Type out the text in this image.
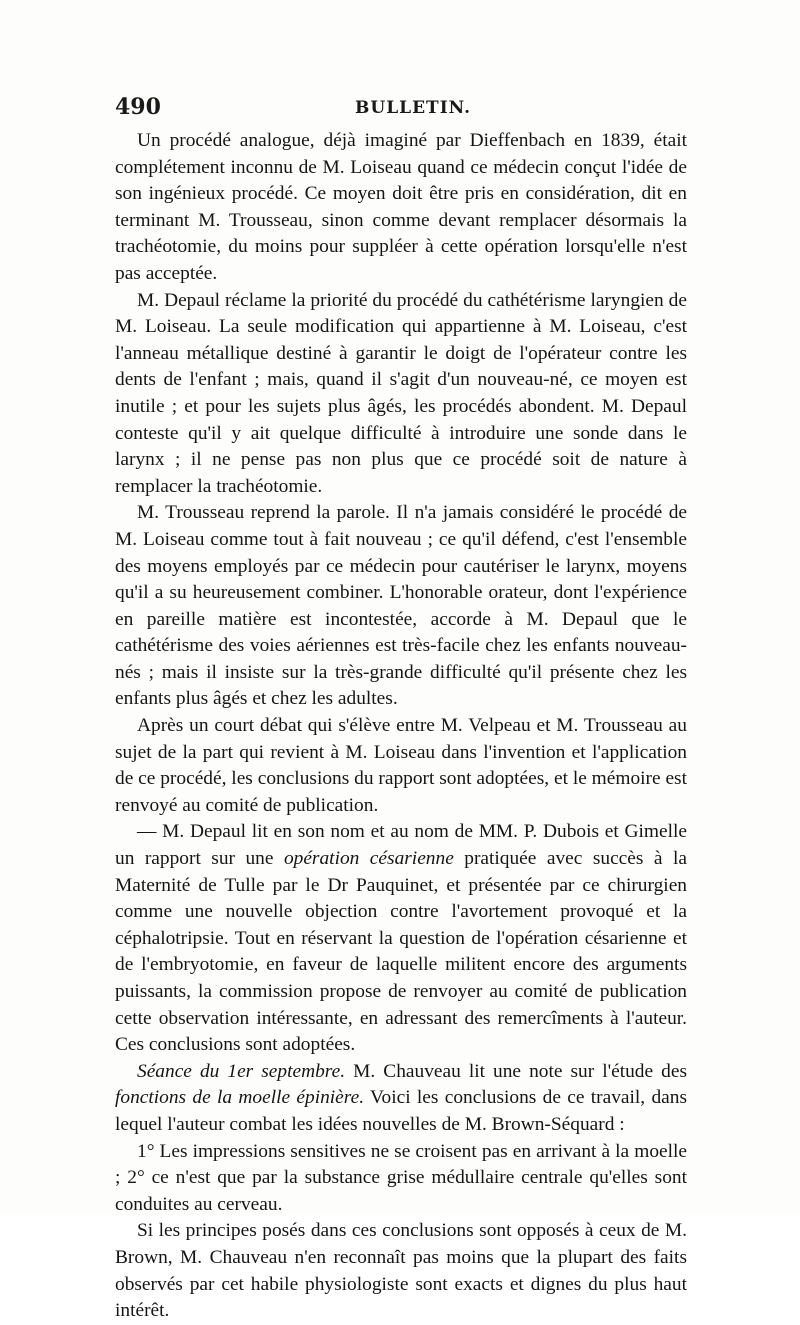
490	BULLETIN.

Un procédé analogue, déjà imaginé par Dieffenbach en 1839, était complétement inconnu de M. Loiseau quand ce médecin conçut l'idée de son ingénieux procédé. Ce moyen doit être pris en considération, dit en terminant M. Trousseau, sinon comme devant remplacer désormais la trachéotomie, du moins pour suppléer à cette opération lorsqu'elle n'est pas acceptée.

M. Depaul réclame la priorité du procédé du cathétérisme laryngien de M. Loiseau. La seule modification qui appartienne à M. Loiseau, c'est l'anneau métallique destiné à garantir le doigt de l'opérateur contre les dents de l'enfant ; mais, quand il s'agit d'un nouveau-né, ce moyen est inutile ; et pour les sujets plus âgés, les procédés abondent. M. Depaul conteste qu'il y ait quelque difficulté à introduire une sonde dans le larynx ; il ne pense pas non plus que ce procédé soit de nature à remplacer la trachéotomie.

M. Trousseau reprend la parole. Il n'a jamais considéré le procédé de M. Loiseau comme tout à fait nouveau ; ce qu'il défend, c'est l'ensemble des moyens employés par ce médecin pour cautériser le larynx, moyens qu'il a su heureusement combiner. L'honorable orateur, dont l'expérience en pareille matière est incontestée, accorde à M. Depaul que le cathétérisme des voies aériennes est très-facile chez les enfants nouveau-nés ; mais il insiste sur la très-grande difficulté qu'il présente chez les enfants plus âgés et chez les adultes.

Après un court débat qui s'élève entre M. Velpeau et M. Trousseau au sujet de la part qui revient à M. Loiseau dans l'invention et l'application de ce procédé, les conclusions du rapport sont adoptées, et le mémoire est renvoyé au comité de publication.

— M. Depaul lit en son nom et au nom de MM. P. Dubois et Gimelle un rapport sur une opération césarienne pratiquée avec succès à la Maternité de Tulle par le Dr Pauquinet, et présentée par ce chirurgien comme une nouvelle objection contre l'avortement provoqué et la céphalotripsie. Tout en réservant la question de l'opération césarienne et de l'embryotomie, en faveur de laquelle militent encore des arguments puissants, la commission propose de renvoyer au comité de publication cette observation intéressante, en adressant des remercîments à l'auteur. Ces conclusions sont adoptées.

Séance du 1er septembre. M. Chauveau lit une note sur l'étude des fonctions de la moelle épinière. Voici les conclusions de ce travail, dans lequel l'auteur combat les idées nouvelles de M. Brown-Séquard :

1° Les impressions sensitives ne se croisent pas en arrivant à la moelle ; 2° ce n'est que par la substance grise médullaire centrale qu'elles sont conduites au cerveau.

Si les principes posés dans ces conclusions sont opposés à ceux de M. Brown, M. Chauveau n'en reconnaît pas moins que la plupart des faits observés par cet habile physiologiste sont exacts et dignes du plus haut intérêt.
